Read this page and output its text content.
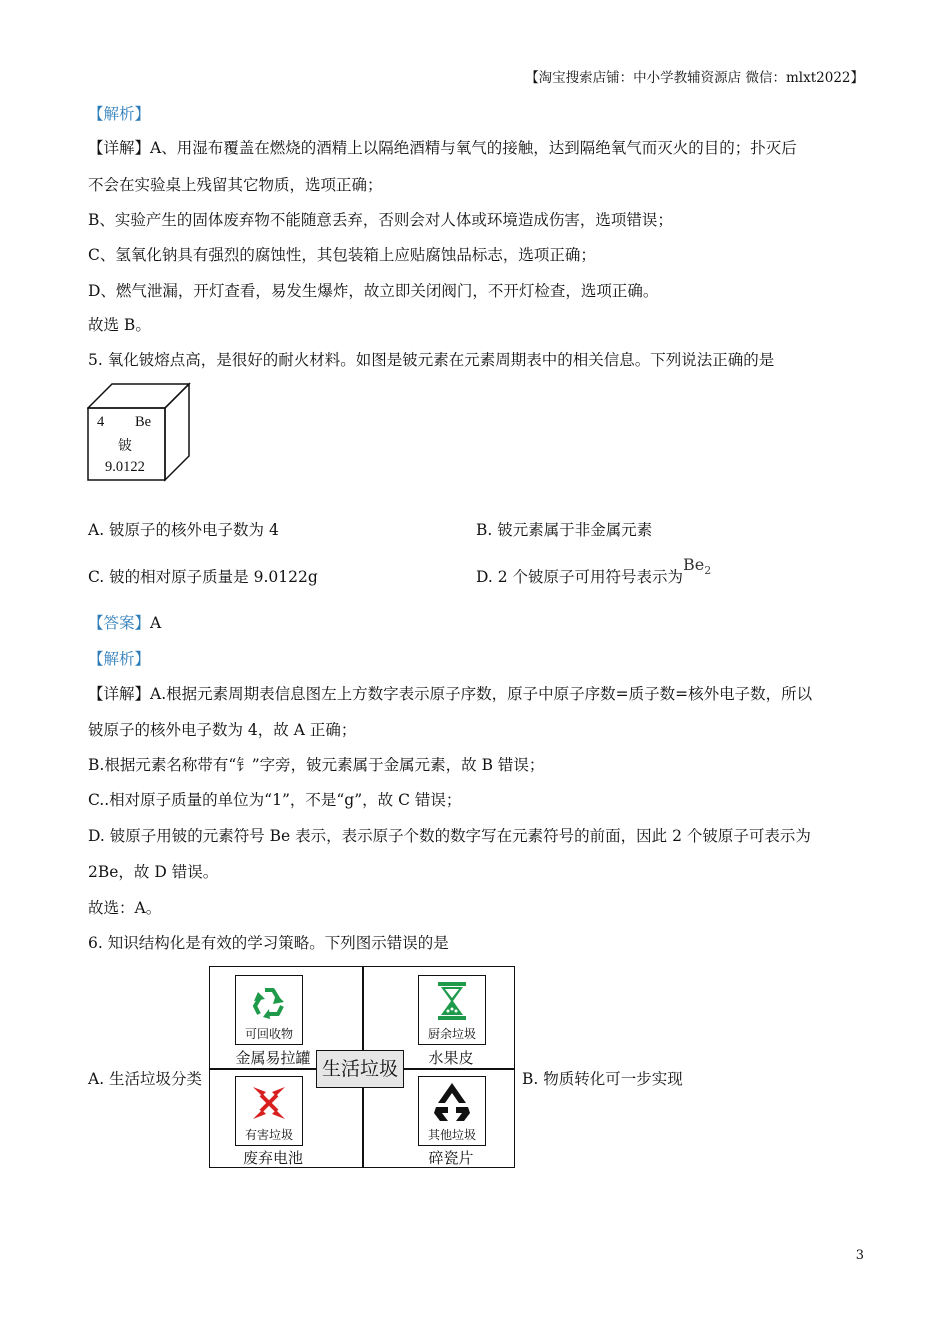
【淘宝搜索店铺：中小学教辅资源店 微信：mlxt2022】
【解析】
【详解】A、用湿布覆盖在燃烧的酒精上以隔绝酒精与氧气的接触，达到隔绝氧气而灭火的目的；扑灭后
不会在实验桌上残留其它物质，选项正确；
B、实验产生的固体废弃物不能随意丢弃，否则会对人体或环境造成伤害，选项错误；
C、氢氧化钠具有强烈的腐蚀性，其包装箱上应贴腐蚀品标志，选项正确；
D、燃气泄漏，开灯查看，易发生爆炸，故立即关闭阀门，不开灯检查，选项正确。
故选 B。
5. 氧化铍熔点高，是很好的耐火材料。如图是铍元素在元素周期表中的相关信息。下列说法正确的是
4 Be
铍
9.0122
A. 铍原子的核外电子数为 4	B. 铍元素属于非金属元素
C. 铍的相对原子质量是 9.0122g	D. 2 个铍原子可用符号表示为$Be_2$
【答案】A
【解析】
【详解】A.根据元素周期表信息图左上方数字表示原子序数，原子中原子序数=质子数=核外电子数，所以
铍原子的核外电子数为 4，故 A 正确；
B.根据元素名称带有“钅”字旁，铍元素属于金属元素，故 B 错误；
C..相对原子质量的单位为“1”，不是“g”，故 C 错误；
D. 铍原子用铍的元素符号 Be 表示，表示原子个数的数字写在元素符号的前面，因此 2 个铍原子可表示为
2Be，故 D 错误。
故选：A。
6. 知识结构化是有效的学习策略。下列图示错误的是
A. 生活垃圾分类	B. 物质转化可一步实现
可回收物
金属易拉罐
厨余垃圾
水果皮
生活垃圾
有害垃圾
废弃电池
其他垃圾
碎瓷片
3
